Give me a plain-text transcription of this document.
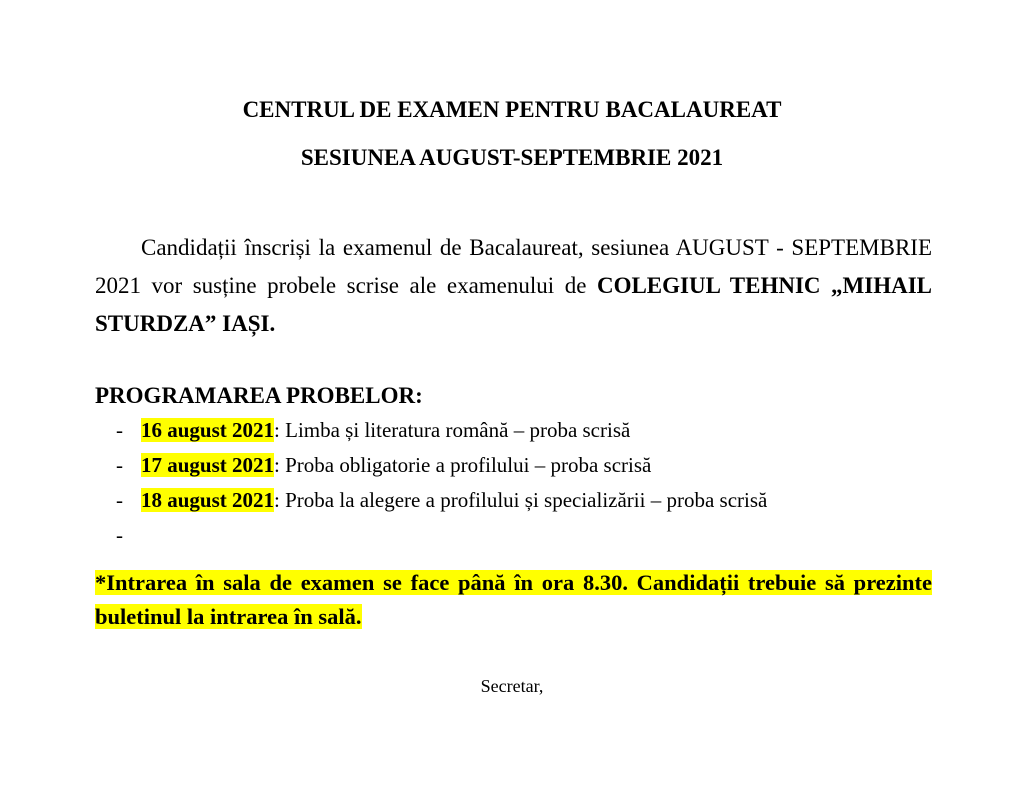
CENTRUL DE EXAMEN PENTRU BACALAUREAT
SESIUNEA AUGUST-SEPTEMBRIE 2021
Candidații înscriși la examenul de Bacalaureat, sesiunea AUGUST - SEPTEMBRIE 2021 vor susține probele scrise ale examenului de COLEGIUL TEHNIC „MIHAIL STURDZA” IAȘI.
PROGRAMAREA PROBELOR:
- 16 august 2021: Limba și literatura română – proba scrisă
- 17 august 2021: Proba obligatorie a profilului – proba scrisă
- 18 august 2021: Proba la alegere a profilului și specializării – proba scrisă
-
*Intrarea în sala de examen se face până în ora 8.30. Candidații trebuie să prezinte buletinul la intrarea în sală.
Secretar,
